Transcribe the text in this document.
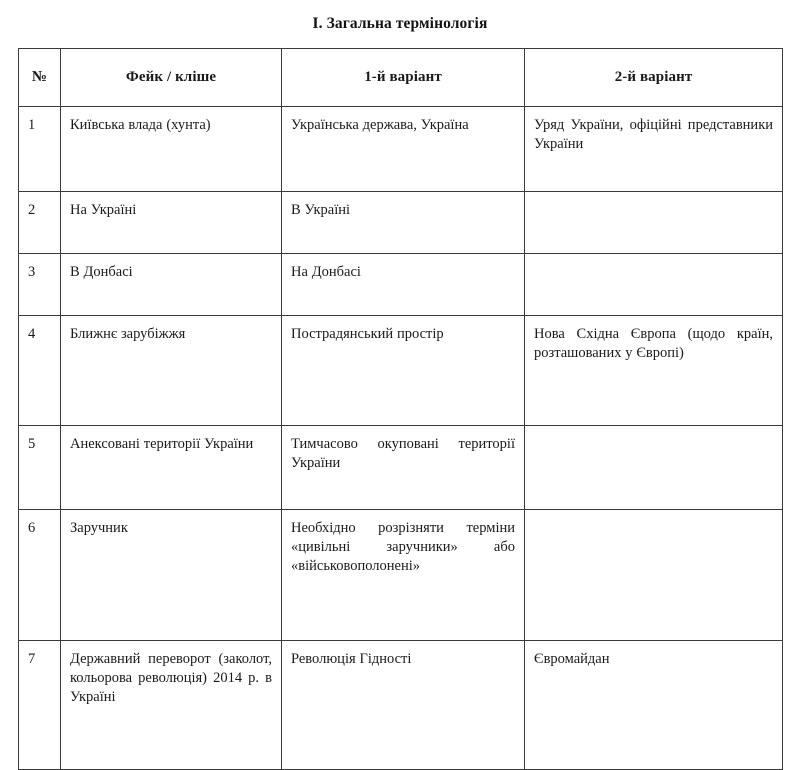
I. Загальна термінологія
№	Фейк / кліше	1-й варіант	2-й варіант
1	Київська влада (хунта)	Українська держава, Україна	Уряд України, офіційні представники України
2	На Україні	В Україні	
3	В Донбасі	На Донбасі	
4	Ближнє зарубіжжя	Пострадянський простір	Нова Східна Європа (щодо країн, розташованих у Європі)
5	Анексовані території України	Тимчасово окуповані території України	
6	Заручник	Необхідно розрізняти терміни «цивільні заручники» або «військовополонені»	
7	Державний переворот (заколот, кольорова революція) 2014 р. в Україні	Революція Гідності	Євромайдан
